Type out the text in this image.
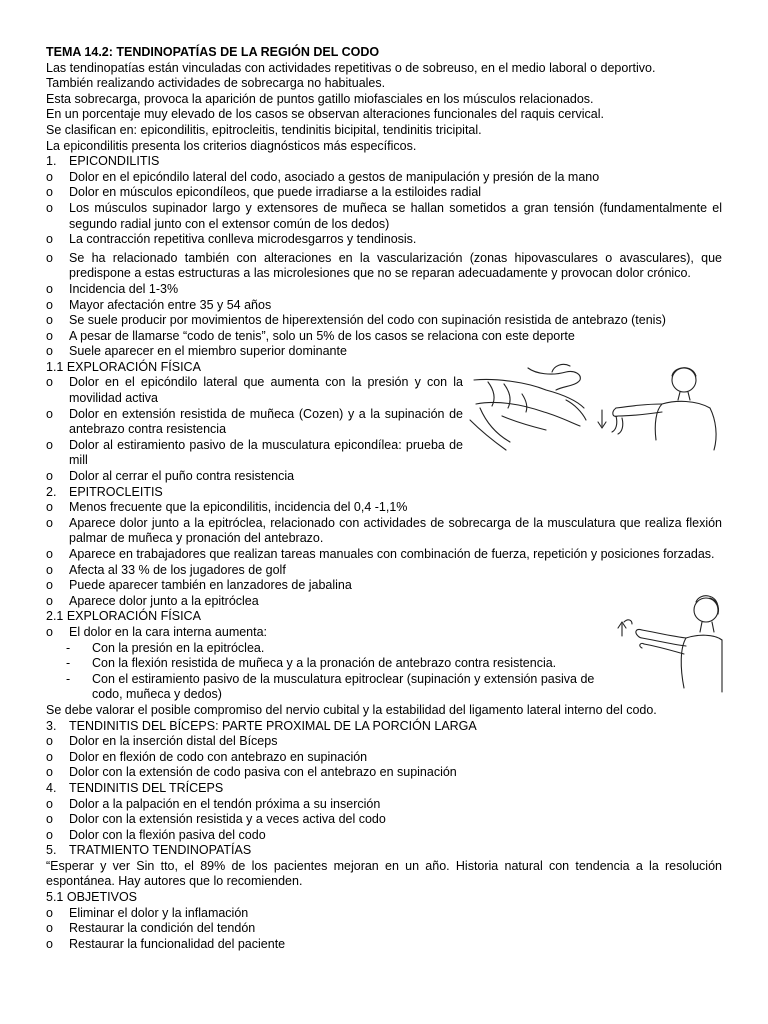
TEMA 14.2: TENDINOPATÍAS DE LA REGIÓN DEL CODO
Las tendinopatías están vinculadas con actividades repetitivas o de sobreuso, en el medio laboral o deportivo.
También realizando actividades de sobrecarga no habituales.
Esta sobrecarga, provoca la aparición de puntos gatillo miofasciales en los músculos relacionados.
En un porcentaje muy elevado de los casos se observan alteraciones funcionales del raquis cervical.
Se clasifican en: epicondilitis, epitrocleitis, tendinitis bicipital, tendinitis tricipital.
La epicondilitis presenta los criterios diagnósticos más específicos.
1.	EPICONDILITIS
o	Dolor en el epicóndilo lateral del codo, asociado a gestos de manipulación y presión de la mano
o	Dolor en músculos epicondíleos, que puede irradiarse a la estiloides radial
o	Los músculos supinador largo y extensores de muñeca se hallan sometidos a gran tensión (fundamentalmente el segundo radial junto con el extensor común de los dedos)
o	La contracción repetitiva conlleva microdesgarros y tendinosis.
o	Se ha relacionado también con alteraciones en la vascularización (zonas hipovasculares o avasculares), que predispone a estas estructuras a las microlesiones que no se reparan adecuadamente y provocan dolor crónico.
o	Incidencia del 1-3%
o	Mayor afectación entre 35 y 54 años
o	Se suele producir por movimientos de hiperextensión del codo con supinación resistida de antebrazo (tenis)
o	A pesar de llamarse “codo de tenis”, solo un 5% de los casos se relaciona con este deporte
o	Suele aparecer en el miembro superior dominante
1.1 EXPLORACIÓN FÍSICA
o	Dolor en el epicóndilo lateral que aumenta con la presión y con la movilidad activa
o	Dolor en extensión resistida de muñeca (Cozen) y a la supinación de antebrazo contra resistencia
o	Dolor al estiramiento pasivo de la musculatura epicondílea: prueba de mill
o	Dolor al cerrar el puño contra resistencia
2.	EPITROCLEITIS
o	Menos frecuente que la epicondilitis, incidencia del 0,4 -1,1%
o	Aparece dolor junto a la epitróclea, relacionado con actividades de sobrecarga de la musculatura que realiza flexión palmar de muñeca y pronación del antebrazo.
o	Aparece en trabajadores que realizan tareas manuales con combinación de fuerza, repetición y posiciones forzadas.
o	Afecta al 33 % de los jugadores de golf
o	Puede aparecer también en lanzadores de jabalina
o	Aparece dolor junto a la epitróclea
2.1 EXPLORACIÓN FÍSICA
o	El dolor en la cara interna aumenta:
-	Con la presión en la epitróclea.
-	Con la flexión resistida de muñeca y a la pronación de antebrazo contra resistencia.
-	Con el estiramiento pasivo de la musculatura epitroclear (supinación y extensión pasiva de codo, muñeca y dedos)
Se debe valorar el posible compromiso del nervio cubital y la estabilidad del ligamento lateral interno del codo.
3.	TENDINITIS DEL BÍCEPS: PARTE PROXIMAL DE LA PORCIÓN LARGA
o	Dolor en la inserción distal del Bíceps
o	Dolor en flexión de codo con antebrazo en supinación
o	Dolor con la extensión de codo pasiva con el antebrazo en supinación
4.	TENDINITIS DEL TRÍCEPS
o	Dolor a la palpación en el tendón próxima a su inserción
o	Dolor con la extensión resistida y a veces activa del codo
o	Dolor con la flexión pasiva del codo
5.	TRATMIENTO TENDINOPATÍAS
“Esperar y ver Sin tto, el 89% de los pacientes mejoran en un año. Historia natural con tendencia a la resolución espontánea. Hay autores que lo recomienden.
5.1 OBJETIVOS
o	Eliminar el dolor y la inflamación
o	Restaurar la condición del tendón
o	Restaurar la funcionalidad del paciente
